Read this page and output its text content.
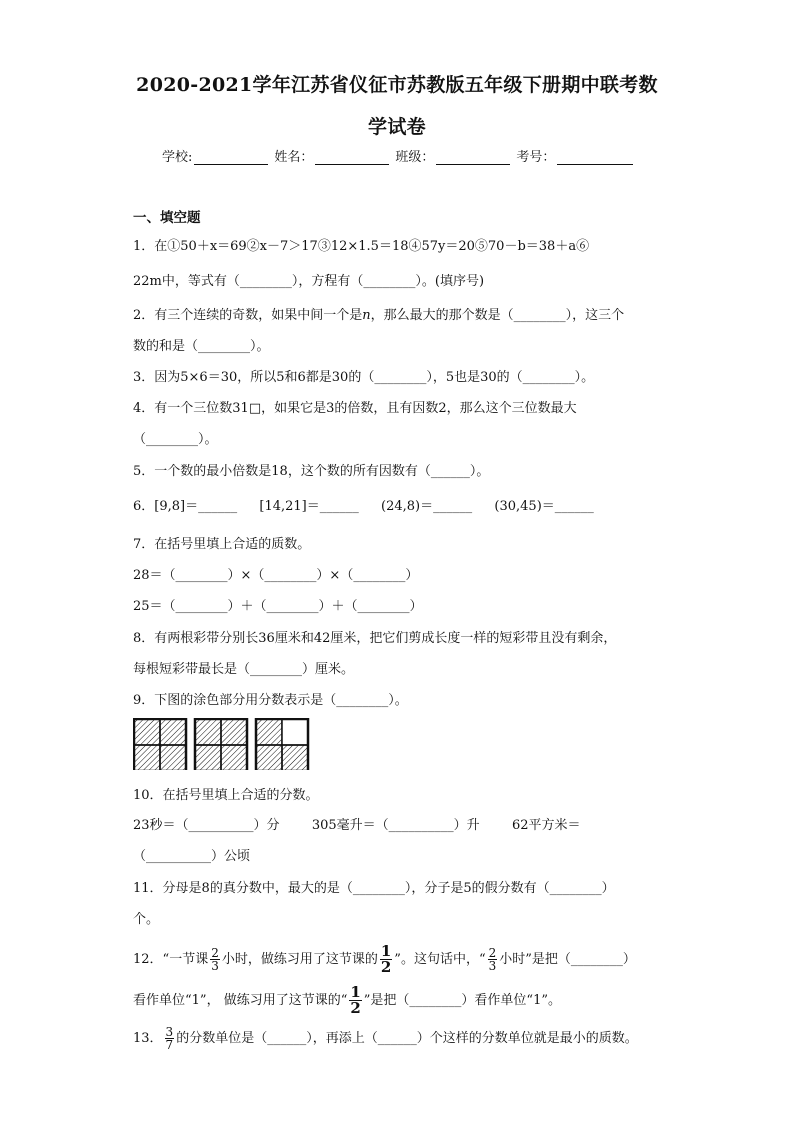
2020-2021学年江苏省仪征市苏教版五年级下册期中联考数
学试卷
学校:	姓名：	班级：	考号：
一、填空题
1．在①50＋x＝69②x－7＞17③12×1.5＝18④57y＝20⑤70－b＝38＋a⑥
22m中，等式有（________），方程有（________）。(填序号)
2．有三个连续的奇数，如果中间一个是n，那么最大的那个数是（________），这三个
数的和是（________）。
3．因为5×6＝30，所以5和6都是30的（________），5也是30的（________）。
4．有一个三位数31□，如果它是3的倍数，且有因数2，那么这个三位数最大
（________）。
5．一个数的最小倍数是18，这个数的所有因数有（______）。
6．[9,8]＝______ [14,21]＝______ (24,8)＝______ (30,45)＝______
7．在括号里填上合适的质数。
28＝（________）×（________）×（________）
25＝（________）＋（________）＋（________）
8．有两根彩带分别长36厘米和42厘米，把它们剪成长度一样的短彩带且没有剩余，
每根短彩带最长是（________）厘米。
9．下图的涂色部分用分数表示是（________）。
10．在括号里填上合适的分数。
23秒＝（__________）分 305毫升＝（__________）升 62平方米＝
（__________）公顷
11．分母是8的真分数中，最大的是（________），分子是5的假分数有（________）
个。
12．“一节课 $\frac{2}{3}$ 小时，做练习用了这节课的 $\frac{1}{2}$ ”。这句话中，“ $\frac{2}{3}$ 小时”是把（________）
看作单位“1”， 做练习用了这节课的“ $\frac{1}{2}$ ”是把（________）看作单位“1”。
13． $\frac{3}{7}$ 的分数单位是（______），再添上（______）个这样的分数单位就是最小的质数。
